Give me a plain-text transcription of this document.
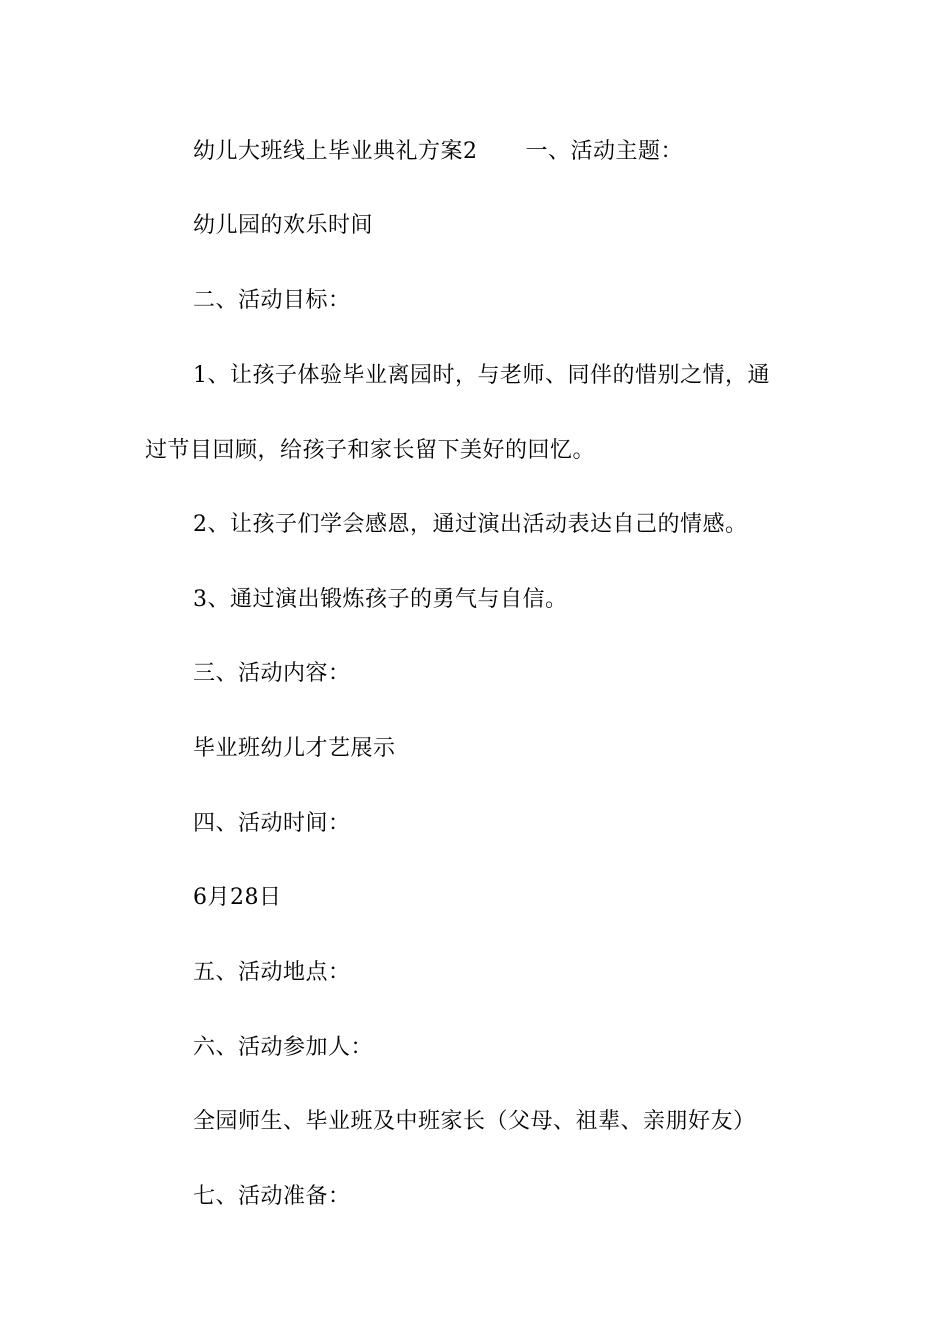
幼儿大班线上毕业典礼方案2 一、活动主题：
幼儿园的欢乐时间
二、活动目标：
1、让孩子体验毕业离园时，与老师、同伴的惜别之情，通
过节目回顾，给孩子和家长留下美好的回忆。
2、让孩子们学会感恩，通过演出活动表达自己的情感。
3、通过演出锻炼孩子的勇气与自信。
三、活动内容：
毕业班幼儿才艺展示
四、活动时间：
6月28日
五、活动地点：
六、活动参加人：
全园师生、毕业班及中班家长（父母、祖辈、亲朋好友）
七、活动准备：
